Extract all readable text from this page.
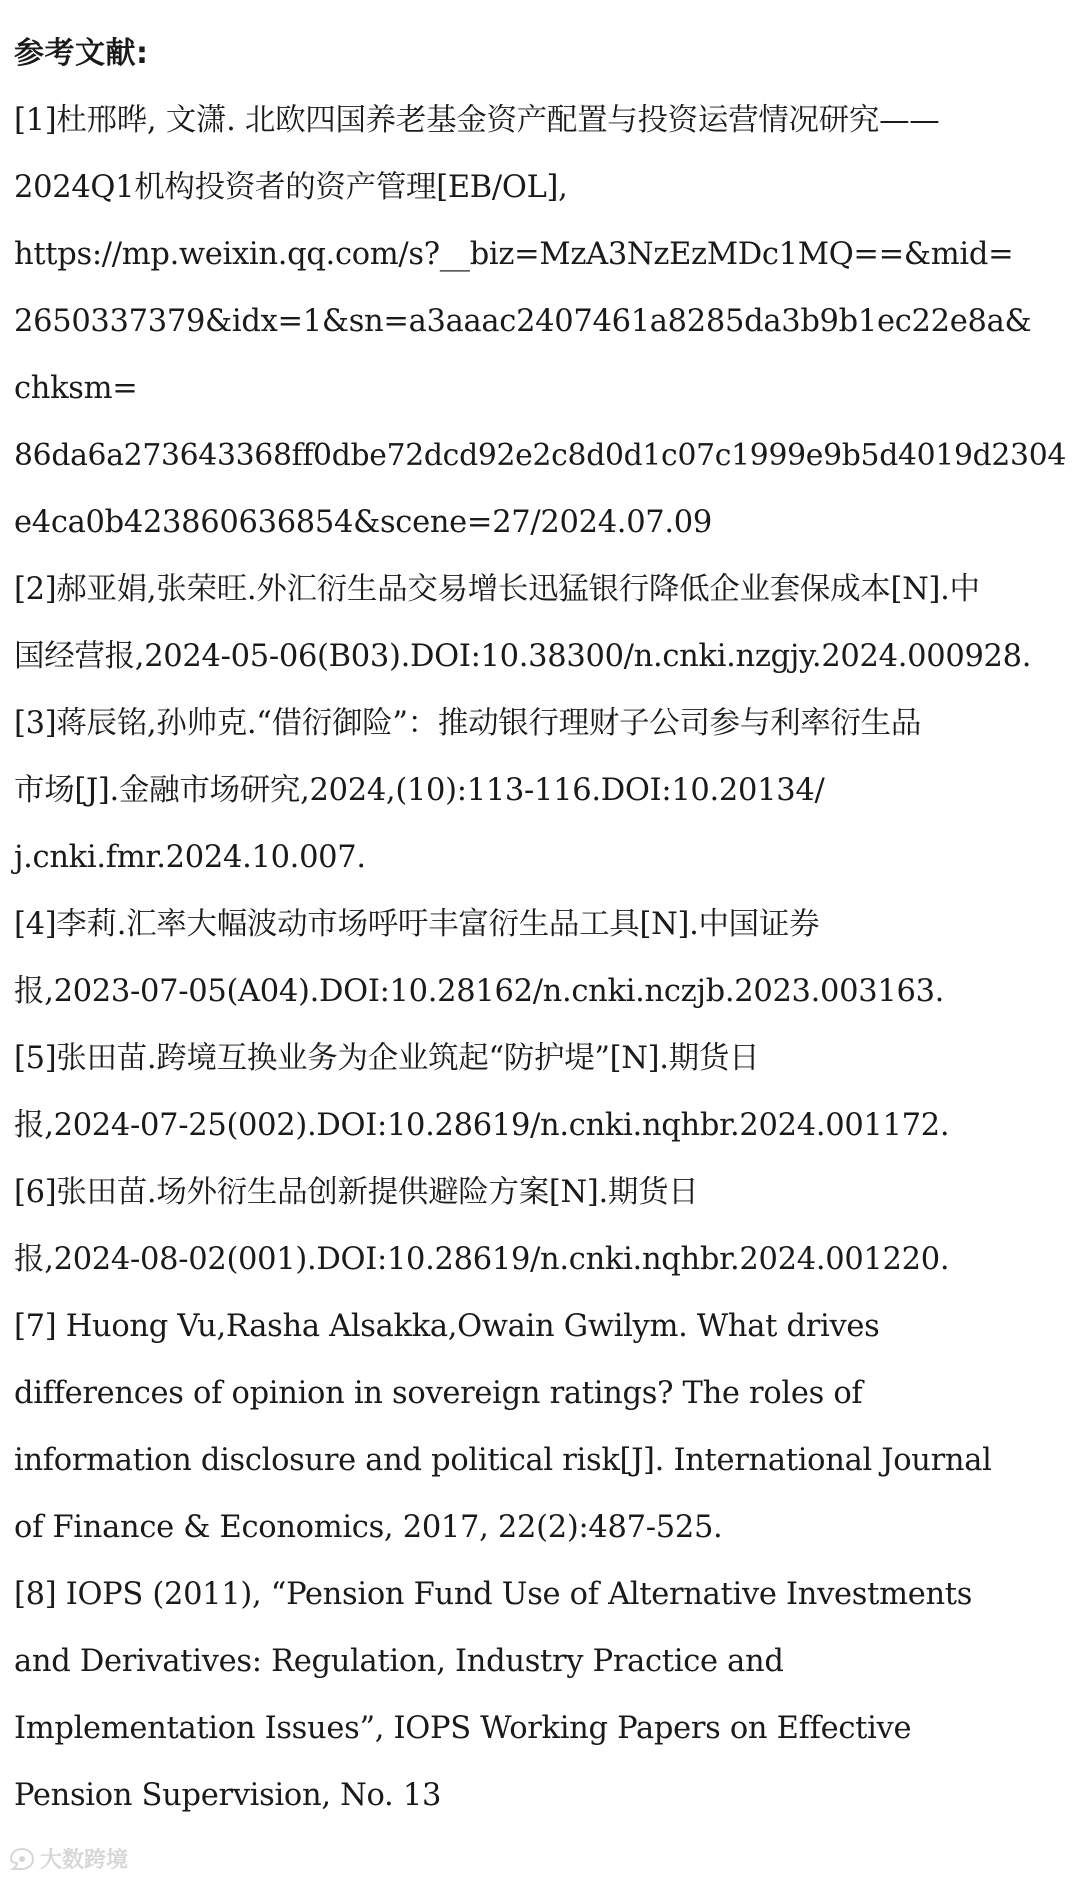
参考文献:
[1]杜邢晔, 文潇. 北欧四国养老基金资产配置与投资运营情况研究——
2024Q1机构投资者的资产管理[EB/OL],
https://mp.weixin.qq.com/s?__biz=MzA3NzEzMDc1MQ==&mid=
2650337379&idx=1&sn=a3aaac2407461a8285da3b9b1ec22e8a&
chksm=
86da6a273643368ff0dbe72dcd92e2c8d0d1c07c1999e9b5d4019d2304
e4ca0b423860636854&scene=27/2024.07.09
[2]郝亚娟,张荣旺.外汇衍生品交易增长迅猛银行降低企业套保成本[N].中
国经营报,2024-05-06(B03).DOI:10.38300/n.cnki.nzgjy.2024.000928.
[3]蒋辰铭,孙帅克.“借衍御险”：推动银行理财子公司参与利率衍生品
市场[J].金融市场研究,2024,(10):113-116.DOI:10.20134/
j.cnki.fmr.2024.10.007.
[4]李莉.汇率大幅波动市场呼吁丰富衍生品工具[N].中国证券
报,2023-07-05(A04).DOI:10.28162/n.cnki.nczjb.2023.003163.
[5]张田苗.跨境互换业务为企业筑起“防护堤”[N].期货日
报,2024-07-25(002).DOI:10.28619/n.cnki.nqhbr.2024.001172.
[6]张田苗.场外衍生品创新提供避险方案[N].期货日
报,2024-08-02(001).DOI:10.28619/n.cnki.nqhbr.2024.001220.
[7] Huong Vu,Rasha Alsakka,Owain Gwilym. What drives
differences of opinion in sovereign ratings? The roles of
information disclosure and political risk[J]. International Journal
of Finance & Economics, 2017, 22(2):487-525.
[8] IOPS (2011), “Pension Fund Use of Alternative Investments
and Derivatives: Regulation, Industry Practice and
Implementation Issues”, IOPS Working Papers on Effective
Pension Supervision, No. 13
大数跨境
